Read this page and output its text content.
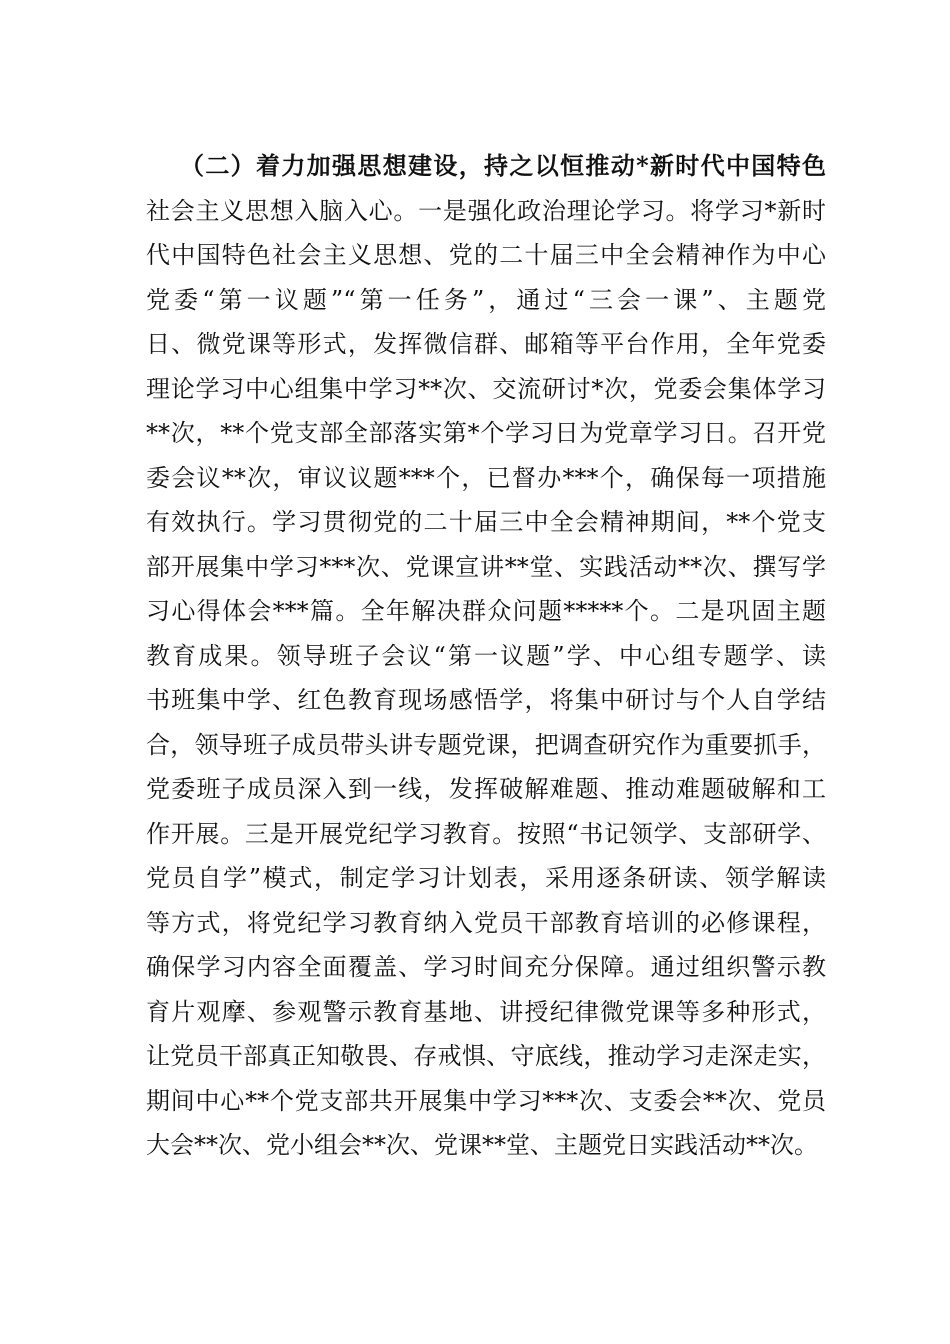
（二）着力加强思想建设，持之以恒推动*新时代中国特色
社会主义思想入脑入心。一是强化政治理论学习。将学习*新时
代中国特色社会主义思想、党的二十届三中全会精神作为中心
党委“第一议题”“第一任务”，通过“三会一课”、主题党
日、微党课等形式，发挥微信群、邮箱等平台作用，全年党委
理论学习中心组集中学习**次、交流研讨*次，党委会集体学习
**次，**个党支部全部落实第*个学习日为党章学习日。召开党
委会议**次，审议议题***个，已督办***个，确保每一项措施
有效执行。学习贯彻党的二十届三中全会精神期间，**个党支
部开展集中学习***次、党课宣讲**堂、实践活动**次、撰写学
习心得体会***篇。全年解决群众问题*****个。二是巩固主题
教育成果。领导班子会议“第一议题”学、中心组专题学、读
书班集中学、红色教育现场感悟学，将集中研讨与个人自学结
合，领导班子成员带头讲专题党课，把调查研究作为重要抓手，
党委班子成员深入到一线，发挥破解难题、推动难题破解和工
作开展。三是开展党纪学习教育。按照“书记领学、支部研学、
党员自学”模式，制定学习计划表，采用逐条研读、领学解读
等方式，将党纪学习教育纳入党员干部教育培训的必修课程，
确保学习内容全面覆盖、学习时间充分保障。通过组织警示教
育片观摩、参观警示教育基地、讲授纪律微党课等多种形式，
让党员干部真正知敬畏、存戒惧、守底线，推动学习走深走实，
期间中心**个党支部共开展集中学习***次、支委会**次、党员
大会**次、党小组会**次、党课**堂、主题党日实践活动**次。
